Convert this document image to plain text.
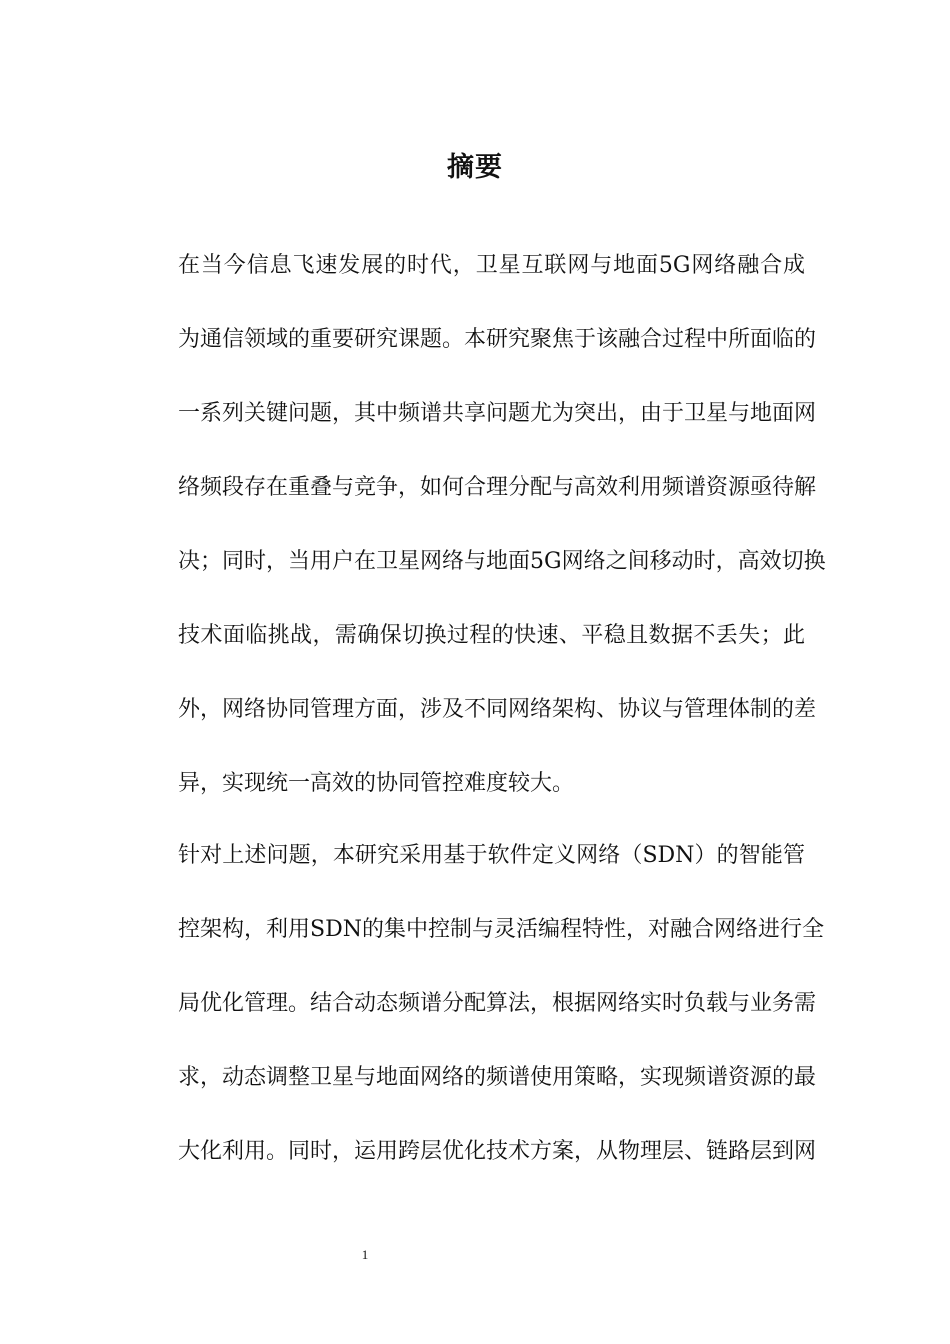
摘要
在当今信息飞速发展的时代，卫星互联网与地面5G网络融合成
为通信领域的重要研究课题。本研究聚焦于该融合过程中所面临的
一系列关键问题，其中频谱共享问题尤为突出，由于卫星与地面网
络频段存在重叠与竞争，如何合理分配与高效利用频谱资源亟待解
决；同时，当用户在卫星网络与地面5G网络之间移动时，高效切换
技术面临挑战，需确保切换过程的快速、平稳且数据不丢失；此
外，网络协同管理方面，涉及不同网络架构、协议与管理体制的差
异，实现统一高效的协同管控难度较大。
针对上述问题，本研究采用基于软件定义网络（SDN）的智能管
控架构，利用SDN的集中控制与灵活编程特性，对融合网络进行全
局优化管理。结合动态频谱分配算法，根据网络实时负载与业务需
求，动态调整卫星与地面网络的频谱使用策略，实现频谱资源的最
大化利用。同时，运用跨层优化技术方案，从物理层、链路层到网
1
